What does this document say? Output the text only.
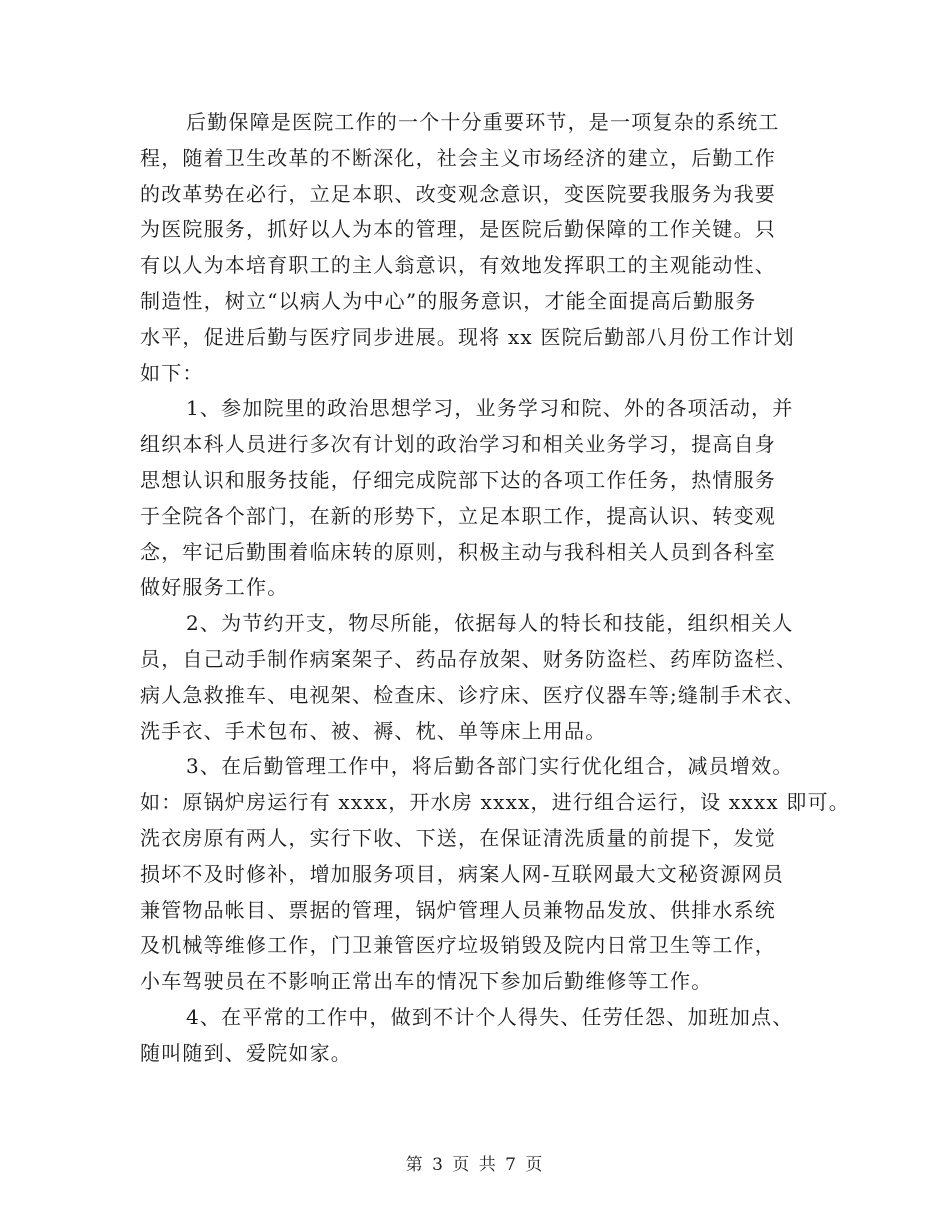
后勤保障是医院工作的一个十分重要环节，是一项复杂的系统工
程，随着卫生改革的不断深化，社会主义市场经济的建立，后勤工作
的改革势在必行，立足本职、改变观念意识，变医院要我服务为我要
为医院服务，抓好以人为本的管理，是医院后勤保障的工作关键。只
有以人为本培育职工的主人翁意识，有效地发挥职工的主观能动性、
制造性，树立“以病人为中心”的服务意识，才能全面提高后勤服务
水平，促进后勤与医疗同步进展。现将 xx 医院后勤部八月份工作计划
如下：
1、参加院里的政治思想学习，业务学习和院、外的各项活动，并
组织本科人员进行多次有计划的政治学习和相关业务学习，提高自身
思想认识和服务技能，仔细完成院部下达的各项工作任务，热情服务
于全院各个部门，在新的形势下，立足本职工作，提高认识、转变观
念，牢记后勤围着临床转的原则，积极主动与我科相关人员到各科室
做好服务工作。
2、为节约开支，物尽所能，依据每人的特长和技能，组织相关人
员，自己动手制作病案架子、药品存放架、财务防盗栏、药库防盗栏、
病人急救推车、电视架、检查床、诊疗床、医疗仪器车等;缝制手术衣、
洗手衣、手术包布、被、褥、枕、单等床上用品。
3、在后勤管理工作中，将后勤各部门实行优化组合，减员增效。
如：原锅炉房运行有 xxxx，开水房 xxxx，进行组合运行，设 xxxx 即可。
洗衣房原有两人，实行下收、下送，在保证清洗质量的前提下，发觉
损坏不及时修补，增加服务项目，病案人网-互联网最大文秘资源网员
兼管物品帐目、票据的管理，锅炉管理人员兼物品发放、供排水系统
及机械等维修工作，门卫兼管医疗垃圾销毁及院内日常卫生等工作，
小车驾驶员在不影响正常出车的情况下参加后勤维修等工作。
4、在平常的工作中，做到不计个人得失、任劳任怨、加班加点、
随叫随到、爱院如家。
第 3 页 共 7 页
